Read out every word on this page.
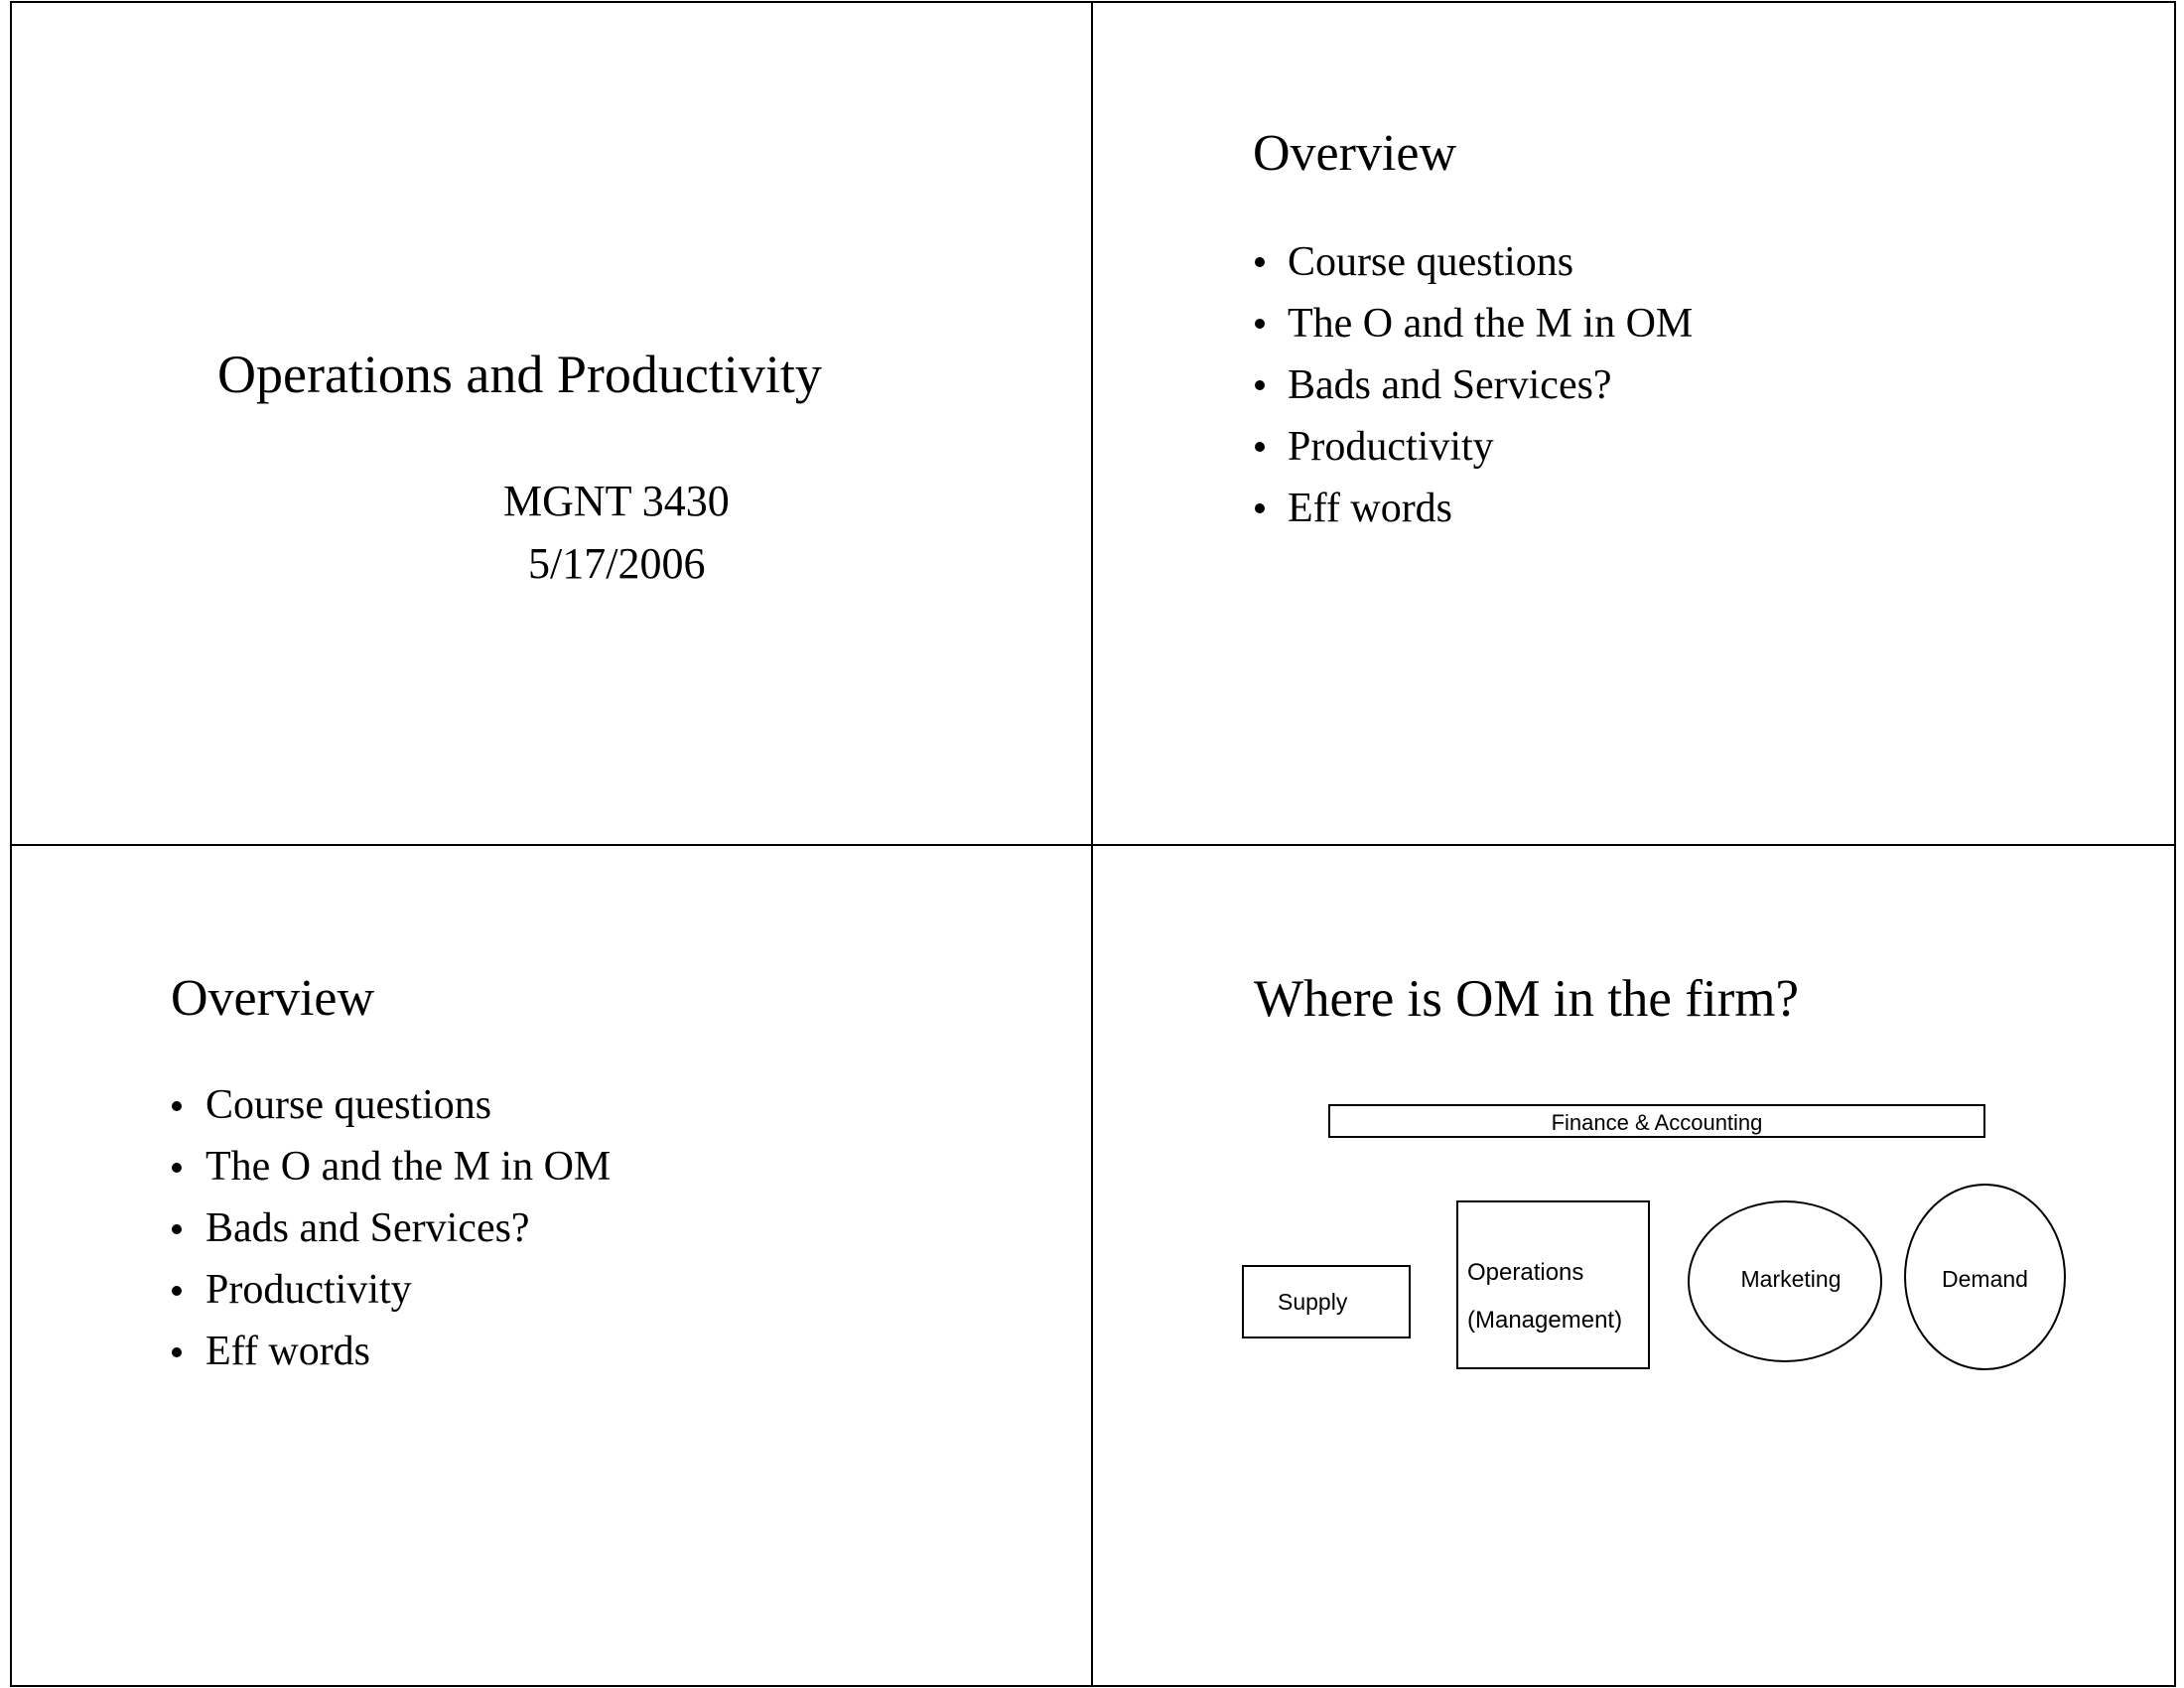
Operations and Productivity
MGNT 3430
5/17/2006
Overview
Course questions
The O and the M in OM
Bads and Services?
Productivity
Eff words
Overview
Course questions
The O and the M in OM
Bads and Services?
Productivity
Eff words
Where is OM in the firm?
Finance & Accounting
Supply
Operations
(Management)
Marketing	Demand
